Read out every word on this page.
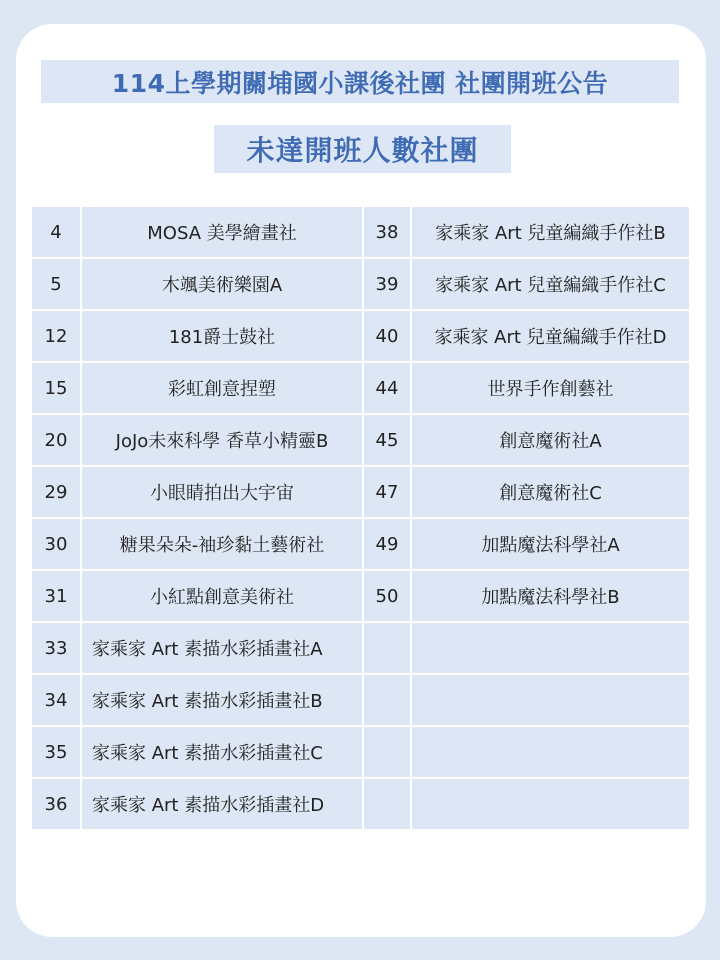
114上學期關埔國小課後社團 社團開班公告
未達開班人數社團
4	MOSA 美學繪畫社	38	家乘家 Art 兒童編織手作社B
5	木颯美術樂園A	39	家乘家 Art 兒童編織手作社C
12	181爵士鼓社	40	家乘家 Art 兒童編織手作社D
15	彩虹創意捏塑	44	世界手作創藝社
20	JoJo未來科學 香草小精靈B	45	創意魔術社A
29	小眼睛拍出大宇宙	47	創意魔術社C
30	糖果朵朵-袖珍黏土藝術社	49	加點魔法科學社A
31	小紅點創意美術社	50	加點魔法科學社B
33	家乘家 Art 素描水彩插畫社A		
34	家乘家 Art 素描水彩插畫社B		
35	家乘家 Art 素描水彩插畫社C		
36	家乘家 Art 素描水彩插畫社D		
